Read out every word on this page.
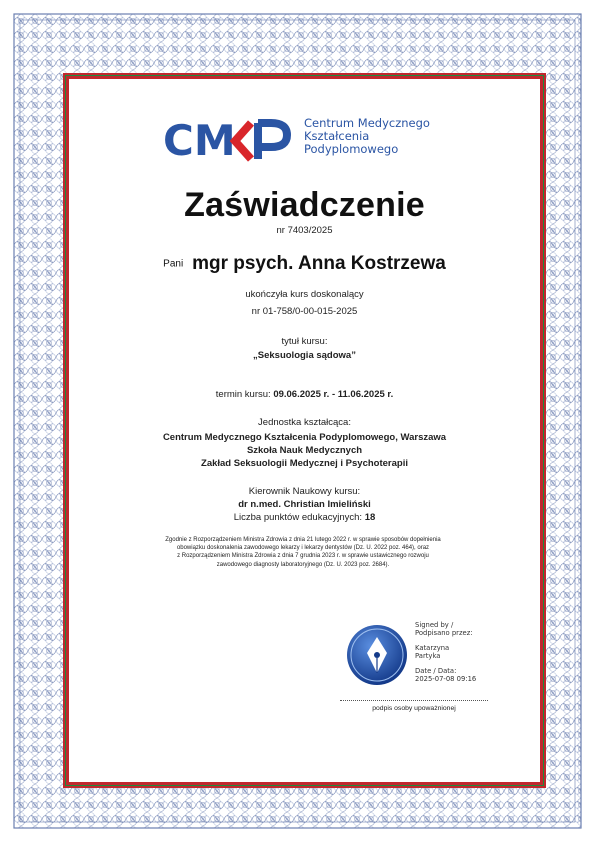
CM	Centrum Medycznego
Kształcenia
Podyplomowego
Zaświadczenie
nr 7403/2025
Pani mgr psych. Anna Kostrzewa
ukończyła kurs doskonalący
nr 01-758/0-00-015-2025
tytuł kursu:
„Seksuologia sądowa”
termin kursu: 09.06.2025 r. - 11.06.2025 r.
Jednostka kształcąca:
Centrum Medycznego Kształcenia Podyplomowego, Warszawa
Szkoła Nauk Medycznych
Zakład Seksuologii Medycznej i Psychoterapii
Kierownik Naukowy kursu:
dr n.med. Christian Imieliński
Liczba punktów edukacyjnych: 18
Zgodnie z Rozporządzeniem Ministra Zdrowia z dnia 21 lutego 2022 r. w sprawie sposobów dopełnienia
obowiązku doskonalenia zawodowego lekarzy i lekarzy dentystów (Dz. U. 2022 poz. 464), oraz
z Rozporządzeniem Ministra Zdrowia z dnia 7 grudnia 2023 r. w sprawie ustawicznego rozwoju
zawodowego diagnosty laboratoryjnego (Dz. U. 2023 poz. 2684).
Signed by /
Podpisano przez:
Katarzyna
Partyka
Date / Data:
2025-07-08 09:16
podpis osoby upoważnionej
